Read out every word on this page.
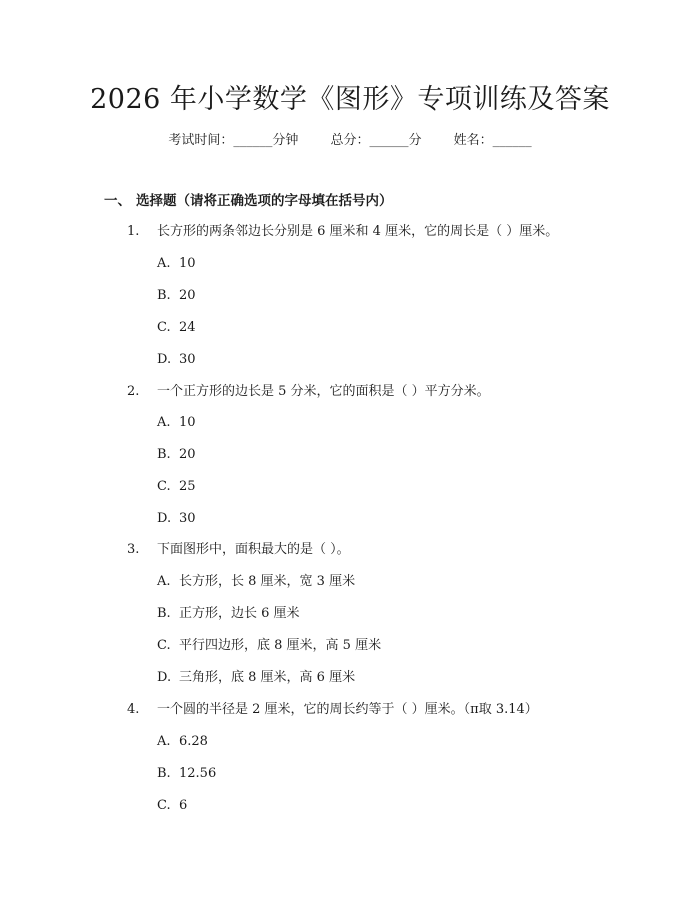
2026 年小学数学《图形》专项训练及答案
考试时间：______分钟 总分：______分 姓名：______
一、 选择题（请将正确选项的字母填在括号内）
1. 长方形的两条邻边长分别是 6 厘米和 4 厘米，它的周长是（ ）厘米。
A. 10
B. 20
C. 24
D. 30
2. 一个正方形的边长是 5 分米，它的面积是（ ）平方分米。
A. 10
B. 20
C. 25
D. 30
3. 下面图形中，面积最大的是（ ）。
A. 长方形，长 8 厘米，宽 3 厘米
B. 正方形，边长 6 厘米
C. 平行四边形，底 8 厘米，高 5 厘米
D. 三角形，底 8 厘米，高 6 厘米
4. 一个圆的半径是 2 厘米，它的周长约等于（ ）厘米。（π取 3.14）
A. 6.28
B. 12.56
C. 6
